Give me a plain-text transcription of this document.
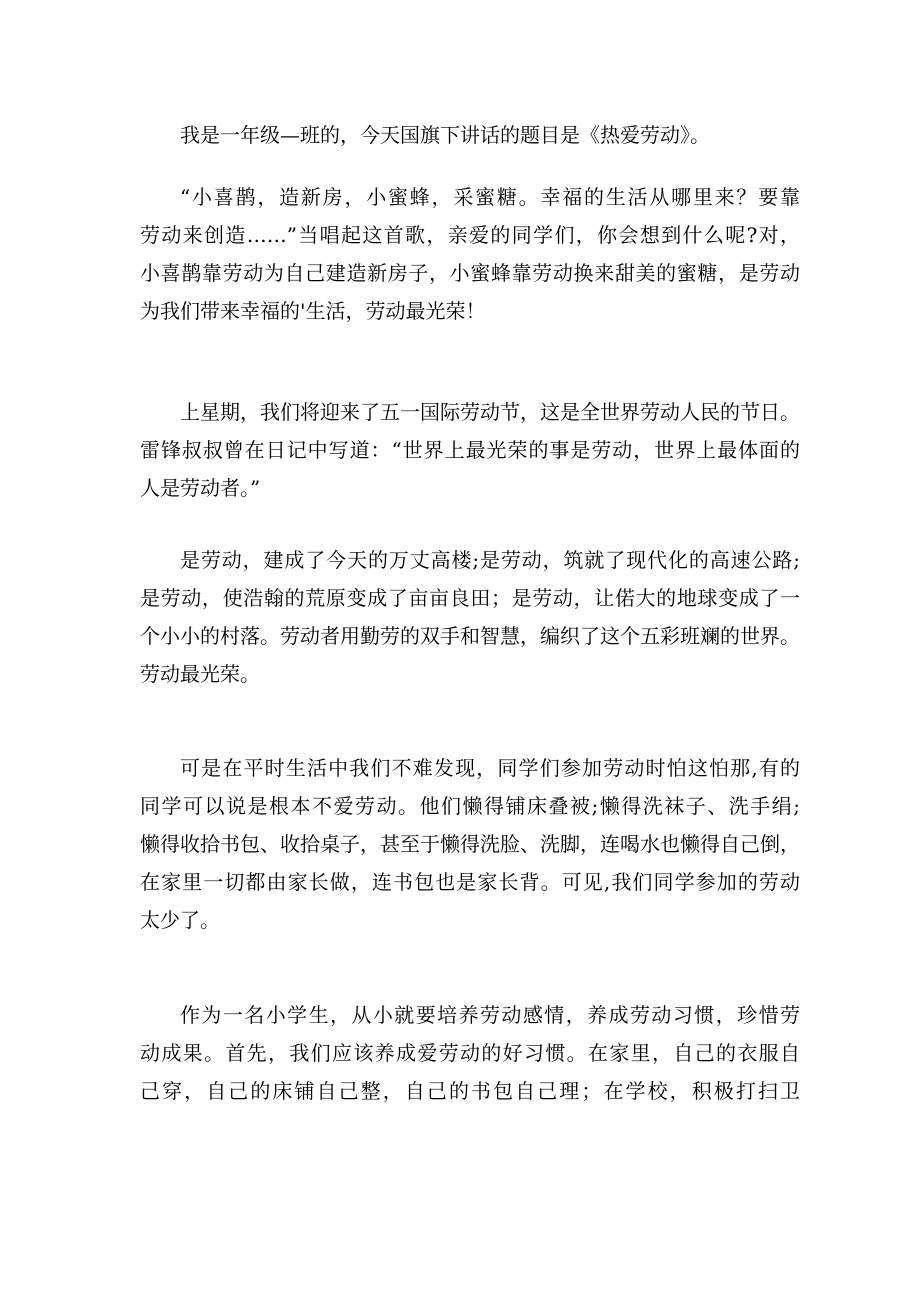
我是一年级—班的，今天国旗下讲话的题目是《热爱劳动》。
“小喜鹊，造新房，小蜜蜂，采蜜糖。幸福的生活从哪里来？要靠
劳动来创造……”当唱起这首歌，亲爱的同学们，你会想到什么呢?对，
小喜鹊靠劳动为自己建造新房子，小蜜蜂靠劳动换来甜美的蜜糖，是劳动
为我们带来幸福的'生活，劳动最光荣！
上星期，我们将迎来了五一国际劳动节，这是全世界劳动人民的节日。
雷锋叔叔曾在日记中写道：“世界上最光荣的事是劳动，世界上最体面的
人是劳动者。”
是劳动，建成了今天的万丈高楼;是劳动，筑就了现代化的高速公路;
是劳动，使浩翰的荒原变成了亩亩良田；是劳动，让偌大的地球变成了一
个小小的村落。劳动者用勤劳的双手和智慧，编织了这个五彩班斓的世界。
劳动最光荣。
可是在平时生活中我们不难发现，同学们参加劳动时怕这怕那,有的
同学可以说是根本不爱劳动。他们懒得铺床叠被;懒得洗袜子、洗手绢;
懒得收拾书包、收拾桌子，甚至于懒得洗脸、洗脚，连喝水也懒得自己倒，
在家里一切都由家长做，连书包也是家长背。可见,我们同学参加的劳动
太少了。
作为一名小学生，从小就要培养劳动感情，养成劳动习惯，珍惜劳
动成果。首先，我们应该养成爱劳动的好习惯。在家里，自己的衣服自
己穿，自己的床铺自己整，自己的书包自己理；在学校，积极打扫卫
